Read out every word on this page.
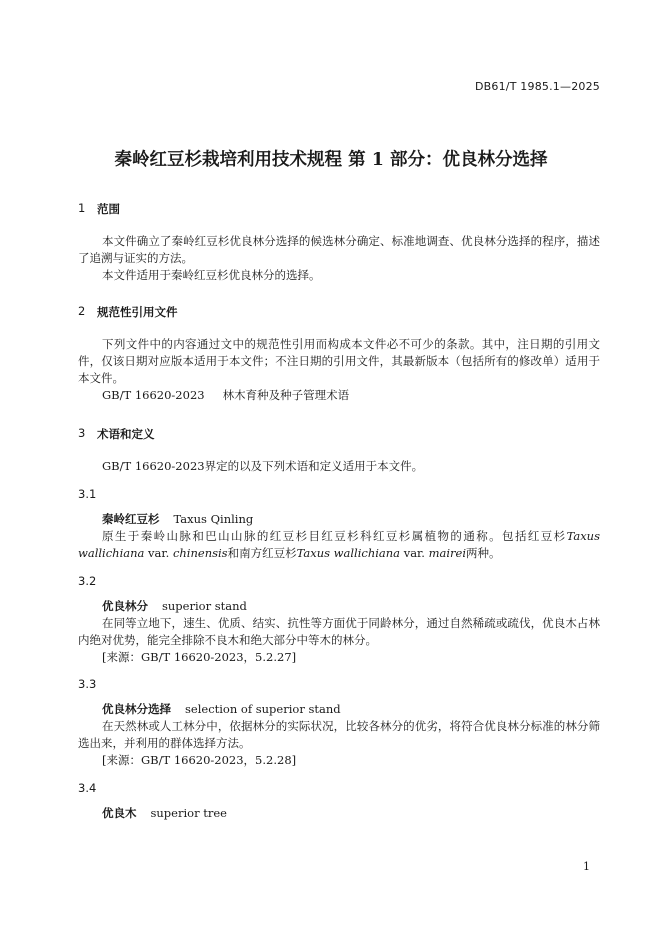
DB61/T 1985.1—2025
秦岭红豆杉栽培利用技术规程 第 1 部分：优良林分选择
1 范围

本文件确立了秦岭红豆杉优良林分选择的候选林分确定、标准地调查、优良林分选择的程序，描述了追溯与证实的方法。

本文件适用于秦岭红豆杉优良林分的选择。

2 规范性引用文件

下列文件中的内容通过文中的规范性引用而构成本文件必不可少的条款。其中，注日期的引用文件，仅该日期对应版本适用于本文件；不注日期的引用文件，其最新版本（包括所有的修改单）适用于本文件。

GB/T 16620-2023 林木育种及种子管理术语
3 术语和定义

GB/T 16620-2023界定的以及下列术语和定义适用于本文件。

3.1
秦岭红豆杉 Taxus Qinling

原生于秦岭山脉和巴山山脉的红豆杉目红豆杉科红豆杉属植物的通称。包括红豆杉Taxus wallichiana var. chinensis和南方红豆杉Taxus wallichiana var. mairei两种。

3.2
优良林分 superior stand

在同等立地下，速生、优质、结实、抗性等方面优于同龄林分，通过自然稀疏或疏伐，优良木占林内绝对优势，能完全排除不良木和绝大部分中等木的林分。

[来源：GB/T 16620-2023，5.2.27]
3.3
优良林分选择 selection of superior stand

在天然林或人工林分中，依据林分的实际状况，比较各林分的优劣，将符合优良林分标准的林分筛选出来，并利用的群体选择方法。

[来源：GB/T 16620-2023，5.2.28]
3.4
优良木 superior tree
1
